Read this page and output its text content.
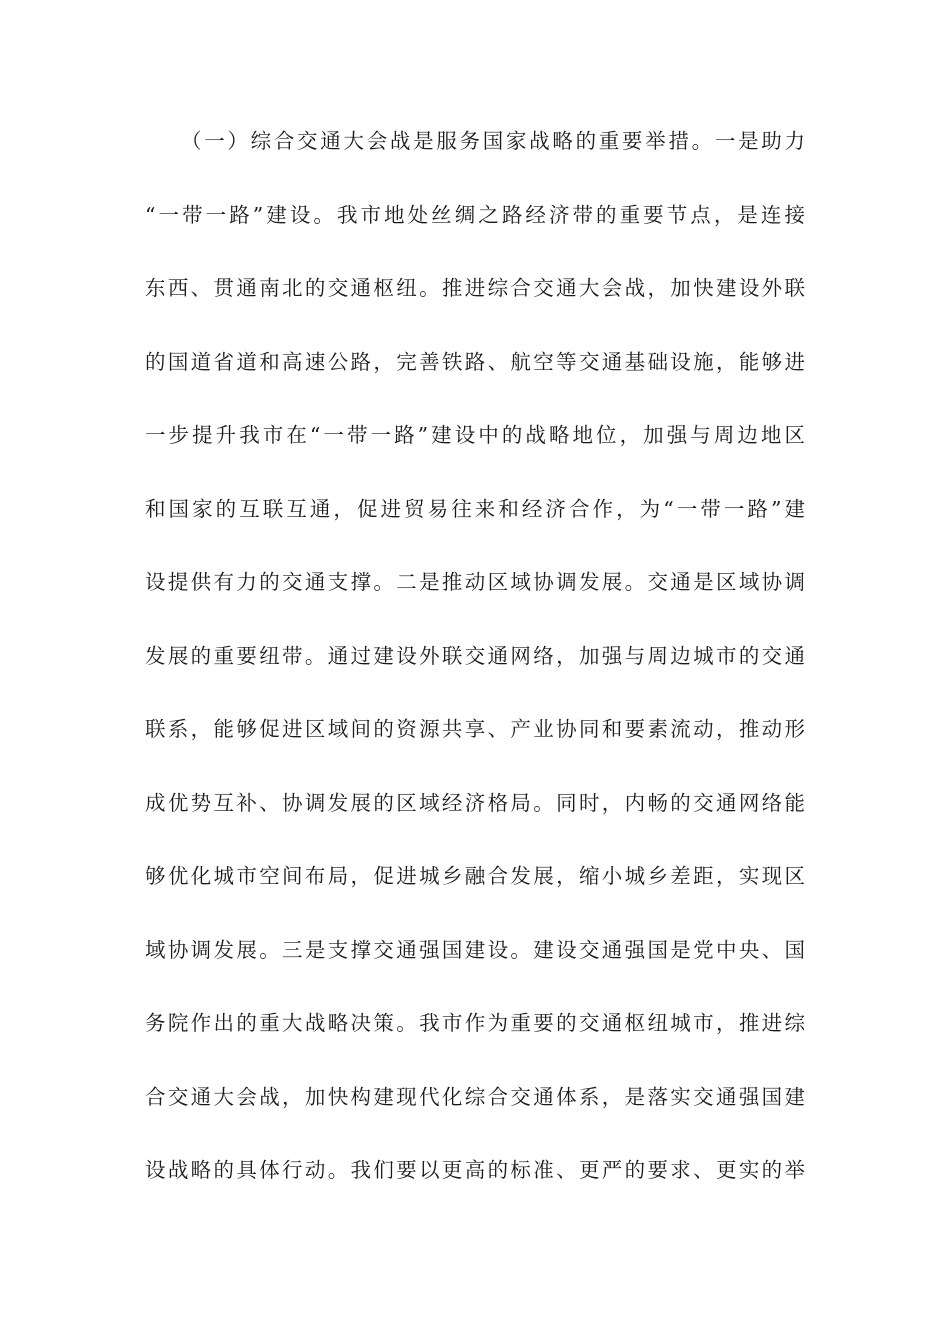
（一）综合交通大会战是服务国家战略的重要举措。一是助力
“一带一路”建设。我市地处丝绸之路经济带的重要节点，是连接
东西、贯通南北的交通枢纽。推进综合交通大会战，加快建设外联
的国道省道和高速公路，完善铁路、航空等交通基础设施，能够进
一步提升我市在“一带一路”建设中的战略地位，加强与周边地区
和国家的互联互通，促进贸易往来和经济合作，为“一带一路”建
设提供有力的交通支撑。二是推动区域协调发展。交通是区域协调
发展的重要纽带。通过建设外联交通网络，加强与周边城市的交通
联系，能够促进区域间的资源共享、产业协同和要素流动，推动形
成优势互补、协调发展的区域经济格局。同时，内畅的交通网络能
够优化城市空间布局，促进城乡融合发展，缩小城乡差距，实现区
域协调发展。三是支撑交通强国建设。建设交通强国是党中央、国
务院作出的重大战略决策。我市作为重要的交通枢纽城市，推进综
合交通大会战，加快构建现代化综合交通体系，是落实交通强国建
设战略的具体行动。我们要以更高的标准、更严的要求、更实的举
